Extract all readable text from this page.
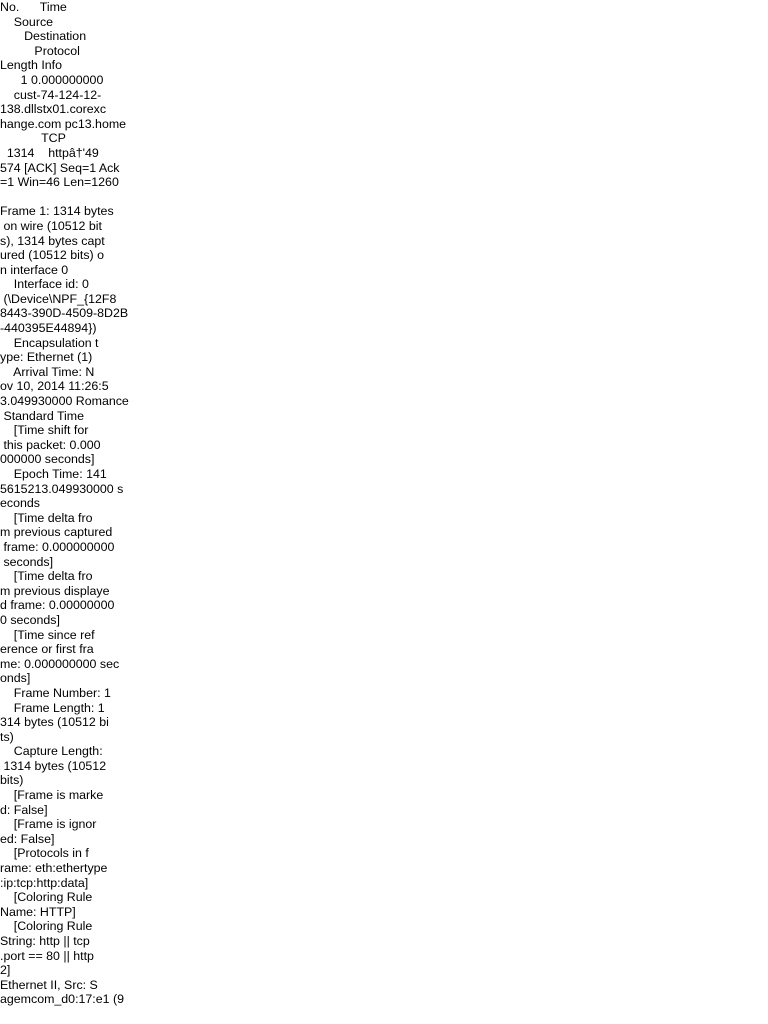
No.      Time
Source
Destination
Protocol
Length Info
1 0.000000000
cust-74-124-12-
138.dllstx01.corexc
hange.com pc13.home
TCP
1314    httpâ†'49
574 [ACK] Seq=1 Ack
=1 Win=46 Len=1260
Frame 1: 1314 bytes
on wire (10512 bit
s), 1314 bytes capt
ured (10512 bits) o
n interface 0
Interface id: 0
(\Device\NPF_{12F8
8443-390D-4509-8D2B
-440395E44894})
Encapsulation t
ype: Ethernet (1)
Arrival Time: N
ov 10, 2014 11:26:5
3.049930000 Romance
Standard Time
[Time shift for
this packet: 0.000
000000 seconds]
Epoch Time: 141
5615213.049930000 s
econds
[Time delta fro
m previous captured
frame: 0.000000000
seconds]
[Time delta fro
m previous displaye
d frame: 0.00000000
0 seconds]
[Time since ref
erence or first fra
me: 0.000000000 sec
onds]
Frame Number: 1
Frame Length: 1
314 bytes (10512 bi
ts)
Capture Length:
1314 bytes (10512
bits)
[Frame is marke
d: False]
[Frame is ignor
ed: False]
[Protocols in f
rame: eth:ethertype
:ip:tcp:http:data]
[Coloring Rule
Name: HTTP]
[Coloring Rule
String: http || tcp
.port == 80 || http
2]
Ethernet II, Src: S
agemcom_d0:17:e1 (9
